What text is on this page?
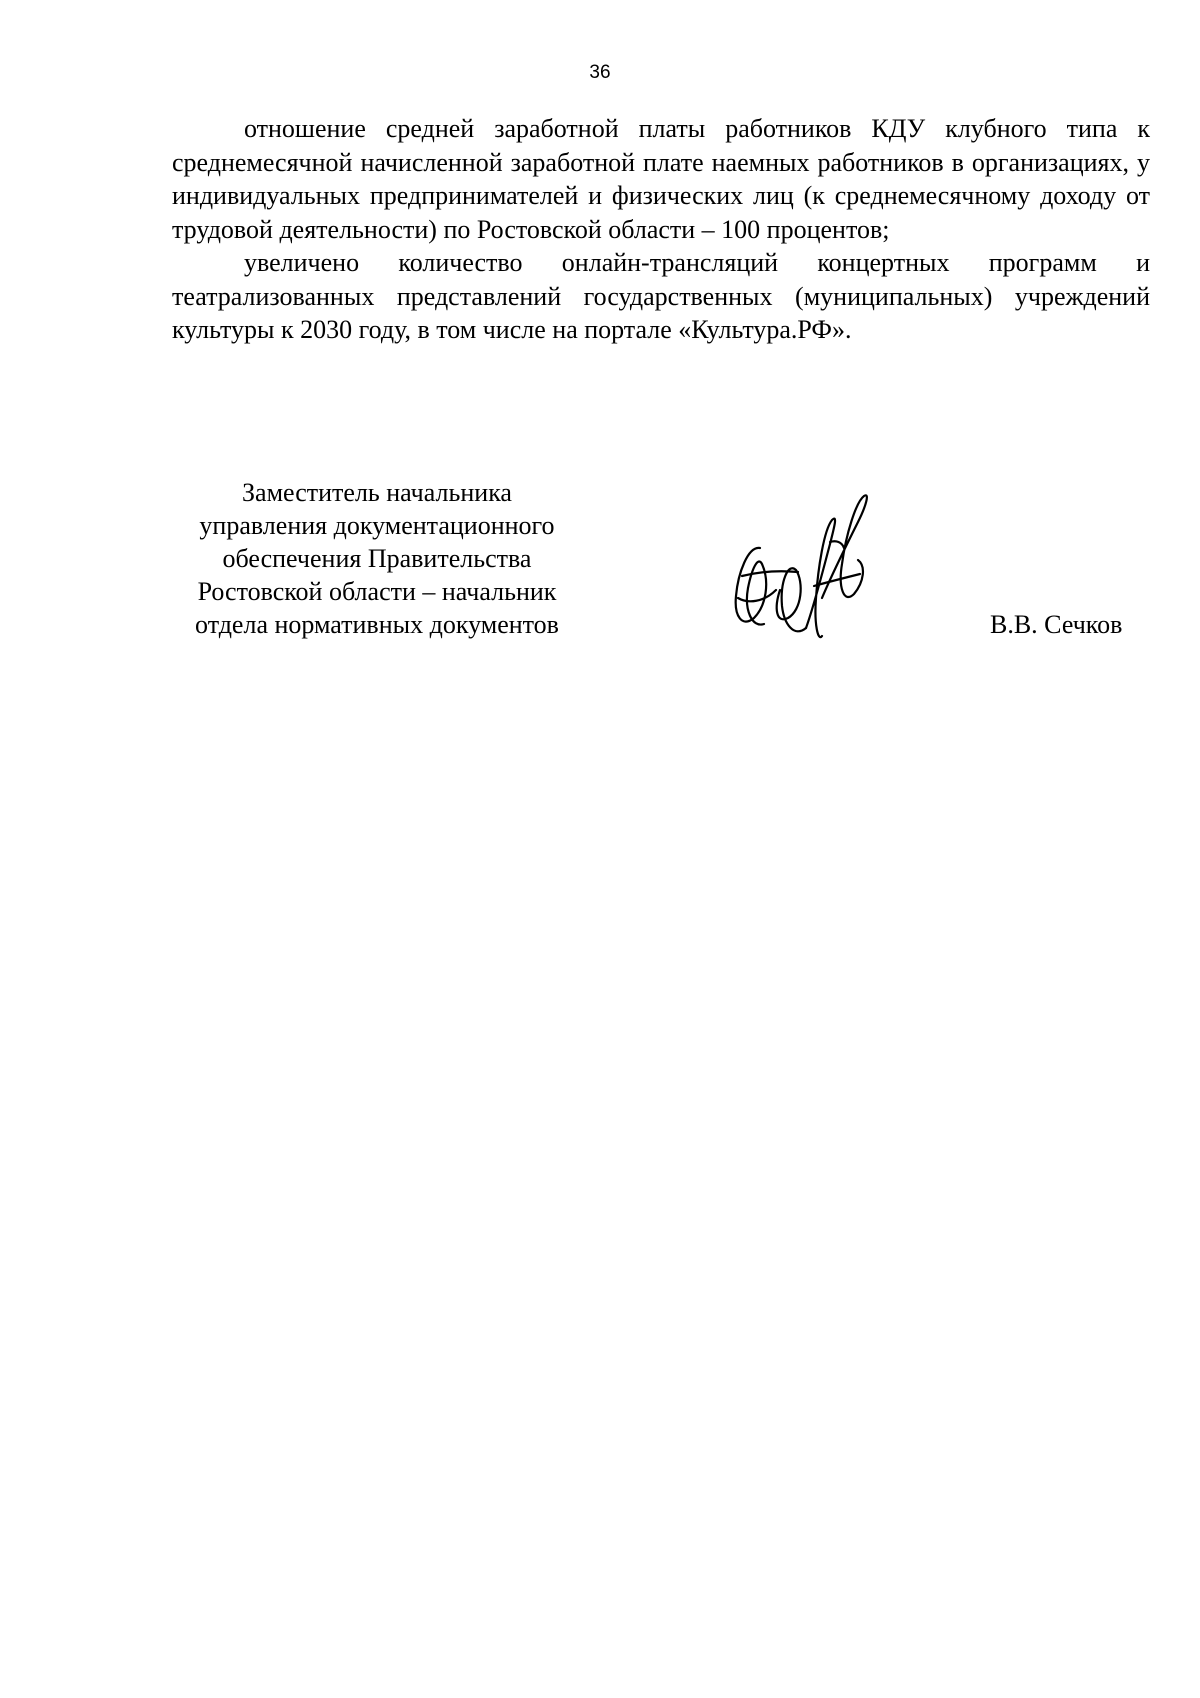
36

отношение средней заработной платы работников КДУ клубного типа к среднемесячной начисленной заработной плате наемных работников в организациях, у индивидуальных предпринимателей и физических лиц (к среднемесячному доходу от трудовой деятельности) по Ростовской области – 100 процентов;

увеличено количество онлайн-трансляций концертных программ и театрализованных представлений государственных (муниципальных) учреждений культуры к 2030 году, в том числе на портале «Культура.РФ».

Заместитель начальника
управления документационного
обеспечения Правительства
Ростовской области – начальник
отдела нормативных документов	В.В. Сечков
